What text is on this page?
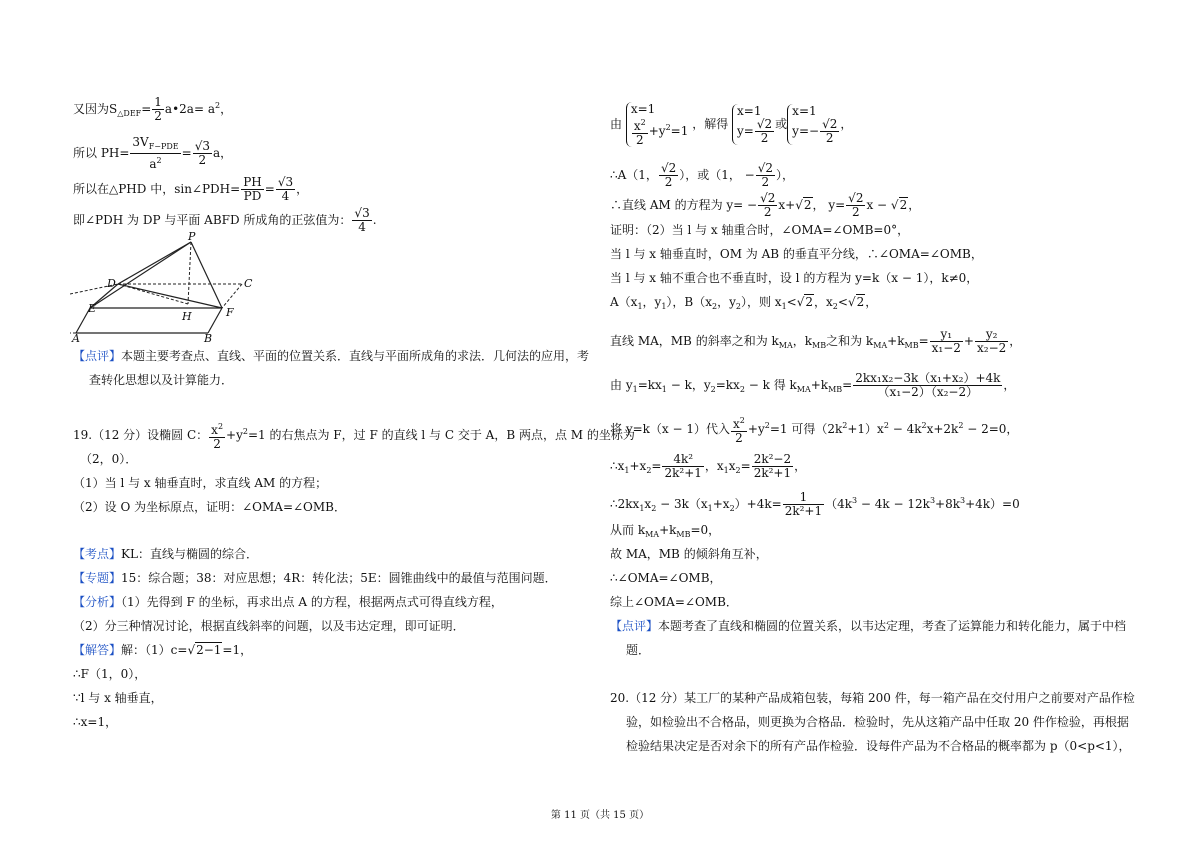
又因为$S_{\triangle DEF}= \frac{1}{2}$ a•2a= $a^2$，
所以 $PH= \frac{3V_{F-PDE}}{a^2} = \frac{√3}{2}$ a，
所以在△PHD 中，sin∠PDH= $\frac{PH}{PD} = \frac{√3}{4}$ ，
即∠PDH 为 DP 与平面 ABFD 所成角的正弦值为： $\frac{√3}{4}$ .
P
D	C
E
H	F
A	B
【点评】本题主要考查点、直线、平面的位置关系．直线与平面所成角的求法．几何法的应用，考
查转化思想以及计算能力．
19.（12 分）设椭圆 C： $\frac{x^2}{2} +y^2=1$ 的右焦点为 F，过 F 的直线 l 与 C 交于 A，B 两点，点 M 的坐标为
（2，0）．
（1）当 l 与 x 轴垂直时，求直线 AM 的方程；
（2）设 O 为坐标原点，证明：∠OMA=∠OMB．
【考点】KL：直线与椭圆的综合．
【专题】15：综合题；38：对应思想；4R：转化法；5E：圆锥曲线中的最值与范围问题．
【分析】（1）先得到 F 的坐标，再求出点 A 的方程，根据两点式可得直线方程，
（2）分三种情况讨论，根据直线斜率的问题，以及韦达定理，即可证明．
【解答】解：（1）c=√2−1=1，
∴F（1，0），
∵l 与 x 轴垂直，
∴x=1，
由
x=1
$\frac{x^2}{2} +y^2=1$ ，解得
x=1
$y= \frac{√2}{2}$ 或
x=1
$y=- \frac{√2}{2}$ ，
∴A（1， $\frac{√2}{2}$ ），或（1， − $\frac{√2}{2}$ ），
∴直线 AM 的方程为 $y= - \frac{√2}{2} x+√2$， $y= \frac{√2}{2}$ x − √2，
证明：（2）当 l 与 x 轴重合时，∠OMA=∠OMB=0°，
当 l 与 x 轴垂直时，OM 为 AB 的垂直平分线，∴∠OMA=∠OMB，
当 l 与 x 轴不重合也不垂直时，设 l 的方程为 y=k（x − 1），k≠0，
$A(x_1$，$y_1$），$B(x_2$，$y_2$），则 $x_1<√2$，$x_2<√2$，
直线 MA，MB 的斜率之和为 $k_{MA}$，$k_{MB}$之和为 $k_{MA}+k_{MB}= \frac{\text{y₁}}{\text{x₁−2}} + \frac{\text{y₂}}{\text{x₂−2}}$ ，
由 $y_1=kx_1 - k$，$y_2=kx_2 - k$ 得 $k_{MA}+k_{MB}= \frac{\text{2kx₁x₂−3k（x₁+x₂）+4k}}{\text{（x₁−2）（x₂−2）}}$ ，
将 y=k（x − 1）代入 $\frac{x^2}{2} +y^2=1$ 可得$(2k^2+1)x^2 - 4k^2x+2k^2 - 2=0$，
$\therefore x_1+x_2= \frac{\text{4k²}}{\text{2k²+1}}$ ，$x_1x_2= \frac{\text{2k²−2}}{\text{2k²+1}}$ ，
$\therefore 2kx_1x_2 - 3k(x_1+x_2)+4k= \frac{1}{\text{2k²+1}} (4k^3 - 4k - 12k^3+8k^3+4k)=0$
从而 $k_{MA}+k_{MB}=0$，
故 MA，MB 的倾斜角互补，
∴∠OMA=∠OMB，
综上∠OMA=∠OMB．
【点评】本题考查了直线和椭圆的位置关系，以韦达定理，考查了运算能力和转化能力，属于中档
题．
20.（12 分）某工厂的某种产品成箱包装，每箱 200 件，每一箱产品在交付用户之前要对产品作检
验，如检验出不合格品，则更换为合格品．检验时，先从这箱产品中任取 20 件作检验，再根据
检验结果决定是否对余下的所有产品作检验．设每件产品为不合格品的概率都为 p（0<p<1），
第 11 页（共 15 页）
